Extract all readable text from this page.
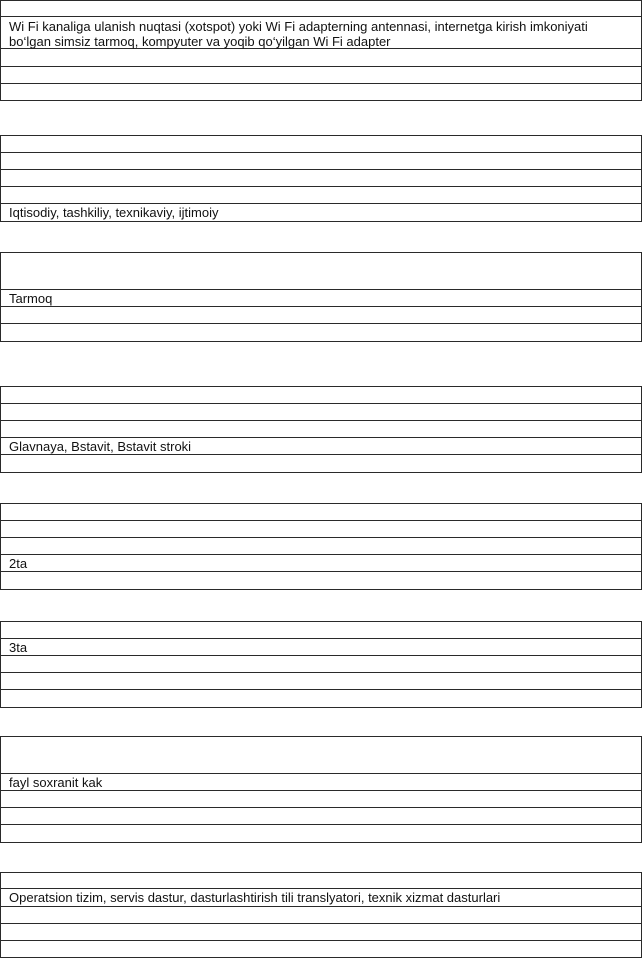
Wi Fi kanaliga ulanish nuqtasi (xotspot) yoki Wi Fi adapterning antennasi, internetga kirish imkoniyati bo‘lgan simsiz tarmoq, kompyuter va yoqib qo‘yilgan Wi Fi adapter
Iqtisodiy, tashkiliy, texnikaviy, ijtimoiy
Tarmoq
Glavnaya, Bstavit, Bstavit stroki
2ta
3ta
fayl soxranit kak
Operatsion tizim, servis dastur, dasturlashtirish tili translyatori, texnik xizmat dasturlari
